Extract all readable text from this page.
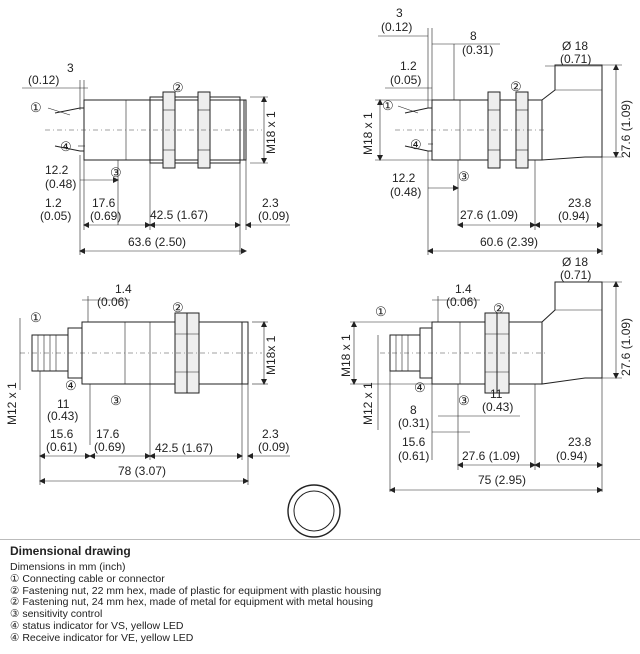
M18 x 1
①
②
④
③
3
(0.12)
12.2
(0.48)
1.2
(0.05)
17.6
(0.69) 42.5 (1.67)
2.3
(0.09)
63.6 (2.50)
Ø 18
(0.71)
27.6 (1.09)
M18 x 1
①
②
④
③
3
(0.12)
8
(0.31)
1.2
(0.05)
12.2
(0.48)
27.6 (1.09)
23.8
(0.94)
60.6 (2.39)
M18x 1
M12 x 1
①
②
④
③
1.4
(0.06)
11
(0.43)
15.6
(0.61)
17.6
(0.69) 42.5 (1.67)
2.3
(0.09)
78 (3.07)
Ø 18
(0.71)
27.6 (1.09)
M18 x 1
M12 x 1
①	②
④
③
1.4
(0.06)
11
(0.43)
8
(0.31)
15.6
(0.61)	27.6 (1.09)
23.8
(0.94)
75 (2.95)
Dimensional drawing
Dimensions in mm (inch)
① Connecting cable or connector
② Fastening nut, 22 mm hex, made of plastic for equipment with plastic housing
② Fastening nut, 24 mm hex, made of metal for equipment with metal housing
③ sensitivity control
④ status indicator for VS, yellow LED
④ Receive indicator for VE, yellow LED
